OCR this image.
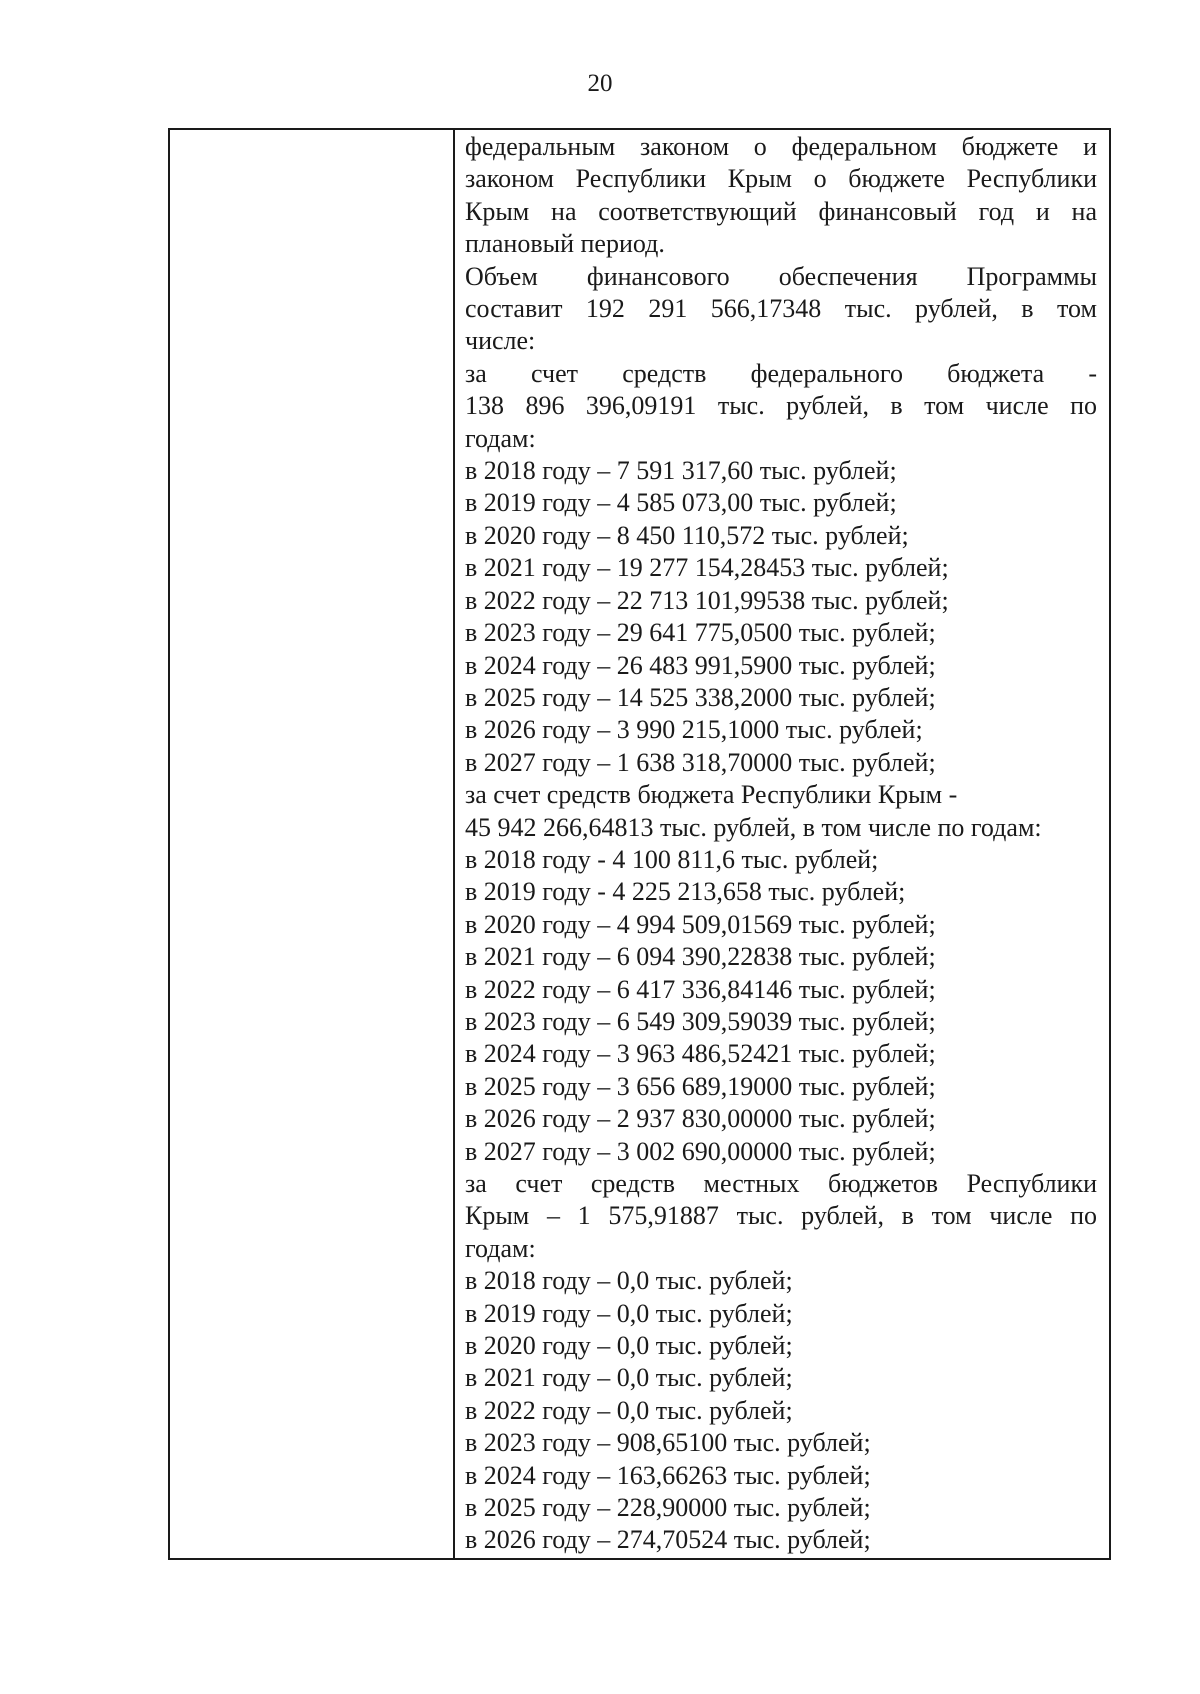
20
федеральным законом о федеральном бюджете и
законом Республики Крым о бюджете Республики
Крым на соответствующий финансовый год и на
плановый период.
Объем финансового обеспечения Программы
составит 192 291 566,17348 тыс. рублей, в том
числе:
за счет средств федерального бюджета -
138 896 396,09191 тыс. рублей, в том числе по
годам:
в 2018 году – 7 591 317,60 тыс. рублей;
в 2019 году – 4 585 073,00 тыс. рублей;
в 2020 году – 8 450 110,572 тыс. рублей;
в 2021 году – 19 277 154,28453 тыс. рублей;
в 2022 году – 22 713 101,99538 тыс. рублей;
в 2023 году – 29 641 775,0500 тыс. рублей;
в 2024 году – 26 483 991,5900 тыс. рублей;
в 2025 году – 14 525 338,2000 тыс. рублей;
в 2026 году – 3 990 215,1000 тыс. рублей;
в 2027 году – 1 638 318,70000 тыс. рублей;
за счет средств бюджета Республики Крым -
45 942 266,64813 тыс. рублей, в том числе по годам:
в 2018 году - 4 100 811,6 тыс. рублей;
в 2019 году - 4 225 213,658 тыс. рублей;
в 2020 году – 4 994 509,01569 тыс. рублей;
в 2021 году – 6 094 390,22838 тыс. рублей;
в 2022 году – 6 417 336,84146 тыс. рублей;
в 2023 году – 6 549 309,59039 тыс. рублей;
в 2024 году – 3 963 486,52421 тыс. рублей;
в 2025 году – 3 656 689,19000 тыс. рублей;
в 2026 году – 2 937 830,00000 тыс. рублей;
в 2027 году – 3 002 690,00000 тыс. рублей;
за счет средств местных бюджетов Республики
Крым – 1 575,91887 тыс. рублей, в том числе по
годам:
в 2018 году – 0,0 тыс. рублей;
в 2019 году – 0,0 тыс. рублей;
в 2020 году – 0,0 тыс. рублей;
в 2021 году – 0,0 тыс. рублей;
в 2022 году – 0,0 тыс. рублей;
в 2023 году – 908,65100 тыс. рублей;
в 2024 году – 163,66263 тыс. рублей;
в 2025 году – 228,90000 тыс. рублей;
в 2026 году – 274,70524 тыс. рублей;
